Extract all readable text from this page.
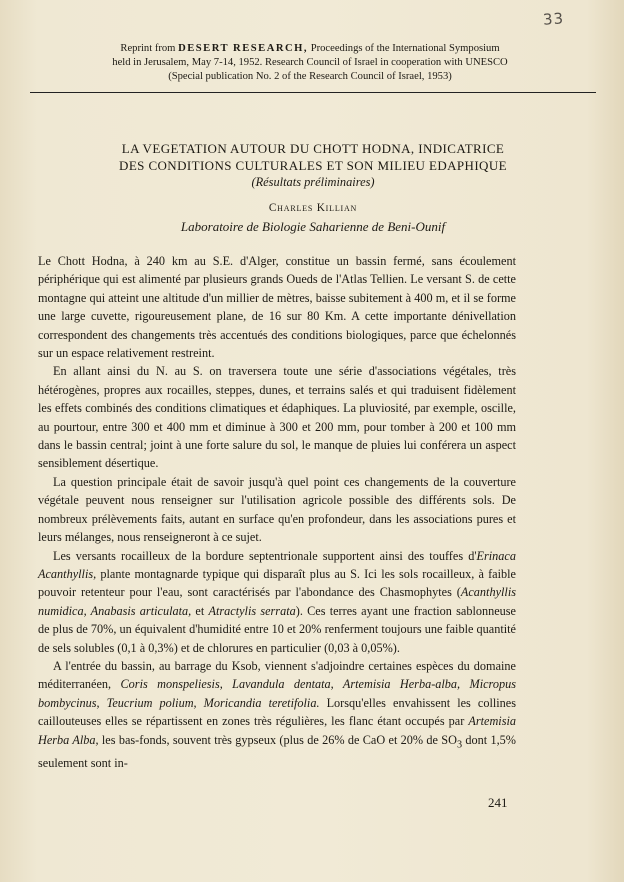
33
Reprint from DESERT RESEARCH, Proceedings of the International Symposium
held in Jerusalem, May 7-14, 1952. Research Council of Israel in cooperation with UNESCO
(Special publication No. 2 of the Research Council of Israel, 1953)
LA VEGETATION AUTOUR DU CHOTT HODNA, INDICATRICE
DES CONDITIONS CULTURALES ET SON MILIEU EDAPHIQUE
(Résultats préliminaires)
Charles Killian
Laboratoire de Biologie Saharienne de Beni-Ounif

Le Chott Hodna, à 240 km au S.E. d'Alger, constitue un bassin fermé, sans écoulement périphérique qui est alimenté par plusieurs grands Oueds de l'Atlas Tellien. Le versant S. de cette montagne qui atteint une altitude d'un millier de mètres, baisse subitement à 400 m, et il se forme une large cuvette, rigoureusement plane, de 16 sur 80 Km. A cette importante dénivellation correspondent des changements très accentués des conditions biologiques, parce que échelonnés sur un espace relativement restreint.

En allant ainsi du N. au S. on traversera toute une série d'associations végétales, très hétérogènes, propres aux rocailles, steppes, dunes, et terrains salés et qui traduisent fidèlement les effets combinés des conditions climatiques et édaphiques. La pluviosité, par exemple, oscille, au pourtour, entre 300 et 400 mm et diminue à 300 et 200 mm, pour tomber à 200 et 100 mm dans le bassin central; joint à une forte salure du sol, le manque de pluies lui conférera un aspect sensiblement désertique.

La question principale était de savoir jusqu'à quel point ces changements de la couverture végétale peuvent nous renseigner sur l'utilisation agricole possible des différents sols. De nombreux prélèvements faits, autant en surface qu'en profondeur, dans les associations pures et leurs mélanges, nous renseigneront à ce sujet.

Les versants rocailleux de la bordure septentrionale supportent ainsi des touffes d'Erinaca Acanthyllis, plante montagnarde typique qui disparaît plus au S. Ici les sols rocailleux, à faible pouvoir retenteur pour l'eau, sont caractérisés par l'abondance des Chasmophytes (Acanthyllis numidica, Anabasis articulata, et Atractylis serrata). Ces terres ayant une fraction sablonneuse de plus de 70%, un équivalent d'humidité entre 10 et 20% renferment toujours une faible quantité de sels solubles (0,1 à 0,3%) et de chlorures en particulier (0,03 à 0,05%).

A l'entrée du bassin, au barrage du Ksob, viennent s'adjoindre certaines espèces du domaine méditerranéen, Coris monspeliesis, Lavandula dentata, Artemisia Herba-alba, Micropus bombycinus, Teucrium polium, Moricandia teretifolia. Lorsqu'elles envahissent les collines caillouteuses elles se répartissent en zones très régulières, les flanc étant occupés par Artemisia Herba Alba, les bas-fonds, souvent très gypseux (plus de 26% de CaO et 20% de $SO_3$ dont 1,5% seulement sont in-

241
